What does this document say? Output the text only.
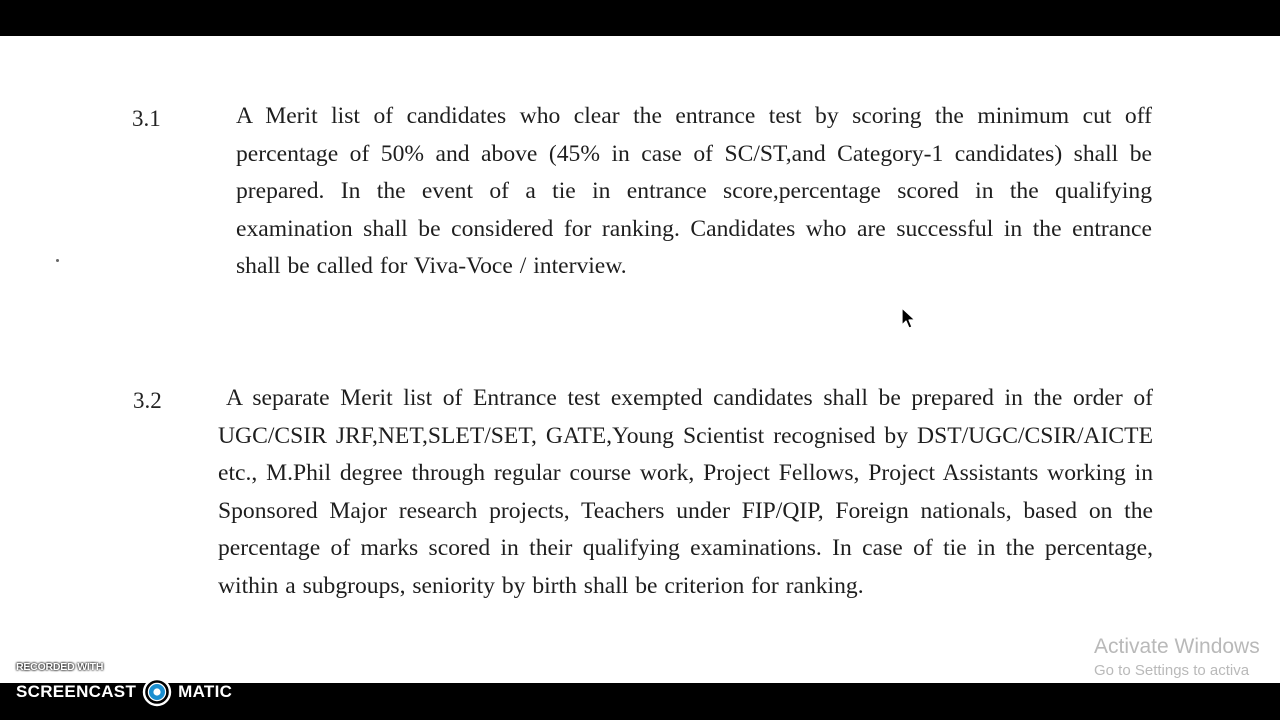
3.1	A Merit list of candidates who clear the entrance test by scoring the minimum cut off percentage of 50% and above (45% in case of SC/ST,and Category-1 candidates) shall be prepared. In the event of a tie in entrance score,percentage scored in the qualifying examination shall be considered for ranking. Candidates who are successful in the entrance shall be called for Viva-Voce / interview.
3.2	A separate Merit list of Entrance test exempted candidates shall be prepared in the order of UGC/CSIR JRF,NET,SLET/SET, GATE,Young Scientist recognised by DST/UGC/CSIR/AICTE etc., M.Phil degree through regular course work, Project Fellows, Project Assistants working in Sponsored Major research projects, Teachers under FIP/QIP, Foreign nationals, based on the percentage of marks scored in their qualifying examinations. In case of tie in the percentage, within a subgroups, seniority by birth shall be criterion for ranking.
Activate Windows
Go to Settings to activa
RECORDED WITH
SCREENCAST MATIC
